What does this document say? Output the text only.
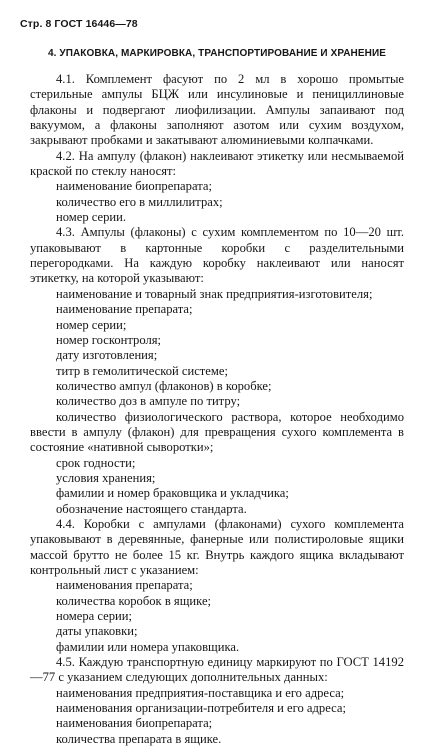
Стр. 8 ГОСТ 16446—78
4. УПАКОВКА, МАРКИРОВКА, ТРАНСПОРТИРОВАНИЕ И ХРАНЕНИЕ

4.1. Комплемент фасуют по 2 мл в хорошо промытые стерильные ампулы БЦЖ или инсулиновые и пенициллиновые флаконы и подвергают лиофилизации. Ампулы запаивают под вакуумом, а флаконы заполняют азотом или сухим воздухом, закрывают пробками и закатывают алюминиевыми колпачками.

4.2. На ампулу (флакон) наклеивают этикетку или несмываемой краской по стеклу наносят:

наименование биопрепарата;

количество его в миллилитрах;

номер серии.

4.3. Ампулы (флаконы) с сухим комплементом по 10—20 шт. упаковывают в картонные коробки с разделительными перегородками. На каждую коробку наклеивают или наносят этикетку, на которой указывают:

наименование и товарный знак предприятия-изготовителя;

наименование препарата;

номер серии;

номер госконтроля;

дату изготовления;

титр в гемолитической системе;

количество ампул (флаконов) в коробке;

количество доз в ампуле по титру;

количество физиологического раствора, которое необходимо ввести в ампулу (флакон) для превращения сухого комплемента в состояние «нативной сыворотки»;

срок годности;

условия хранения;

фамилии и номер браковщика и укладчика;

обозначение настоящего стандарта.

4.4. Коробки с ампулами (флаконами) сухого комплемента упаковывают в деревянные, фанерные или полистироловые ящики массой брутто не более 15 кг. Внутрь каждого ящика вкладывают контрольный лист с указанием:

наименования препарата;

количества коробок в ящике;

номера серии;

даты упаковки;

фамилии или номера упаковщика.

4.5. Каждую транспортную единицу маркируют по ГОСТ 14192—77 с указанием следующих дополнительных данных:

наименования предприятия-поставщика и его адреса;

наименования организации-потребителя и его адреса;

наименования биопрепарата;

количества препарата в ящике.
